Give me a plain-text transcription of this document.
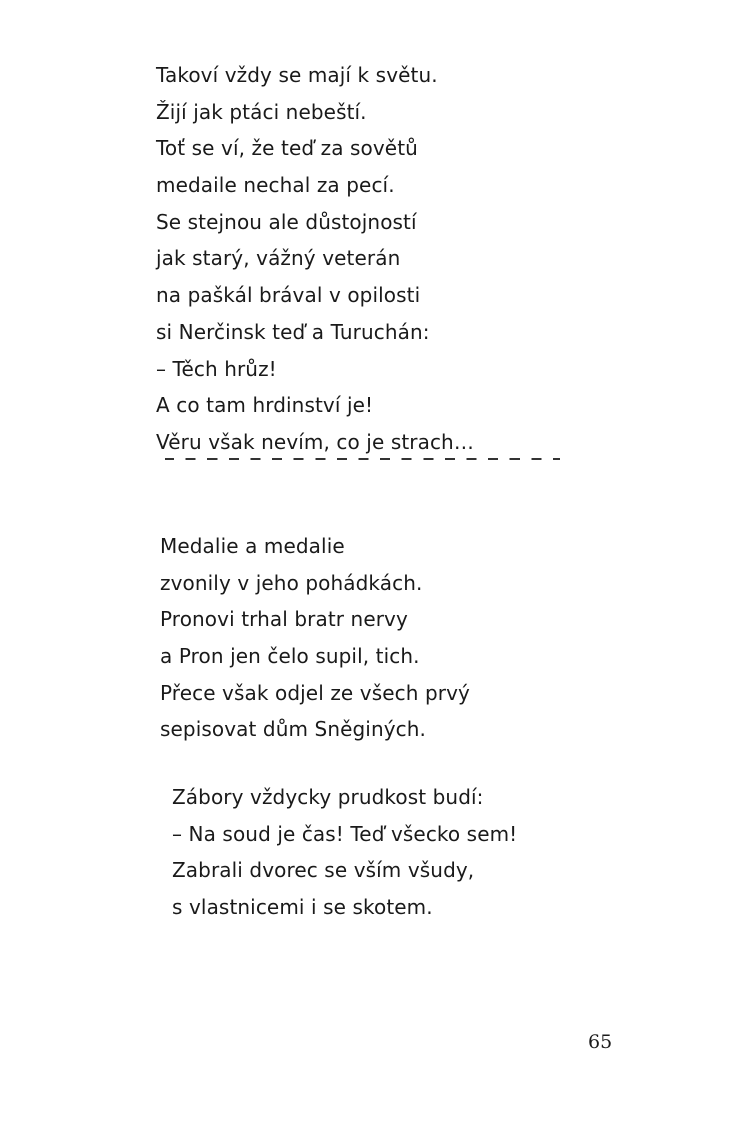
Takoví vždy se mají k světu.
Žijí jak ptáci nebeští.
Toť se ví, že teď za sovětů
medaile nechal za pecí.
Se stejnou ale důstojností
jak starý, vážný veterán
na paškál brával v opilosti
si Nerčinsk teď a Turuchán:
– Těch hrůz!
A co tam hrdinství je!
Věru však nevím, co je strach…
Medalie a medalie
zvonily v jeho pohádkách.
Pronovi trhal bratr nervy
a Pron jen čelo supil, tich.
Přece však odjel ze všech prvý
sepisovat dům Sněginých.
Zábory vždycky prudkost budí:
– Na soud je čas! Teď všecko sem!
Zabrali dvorec se vším všudy,
s vlastnicemi i se skotem.
65
